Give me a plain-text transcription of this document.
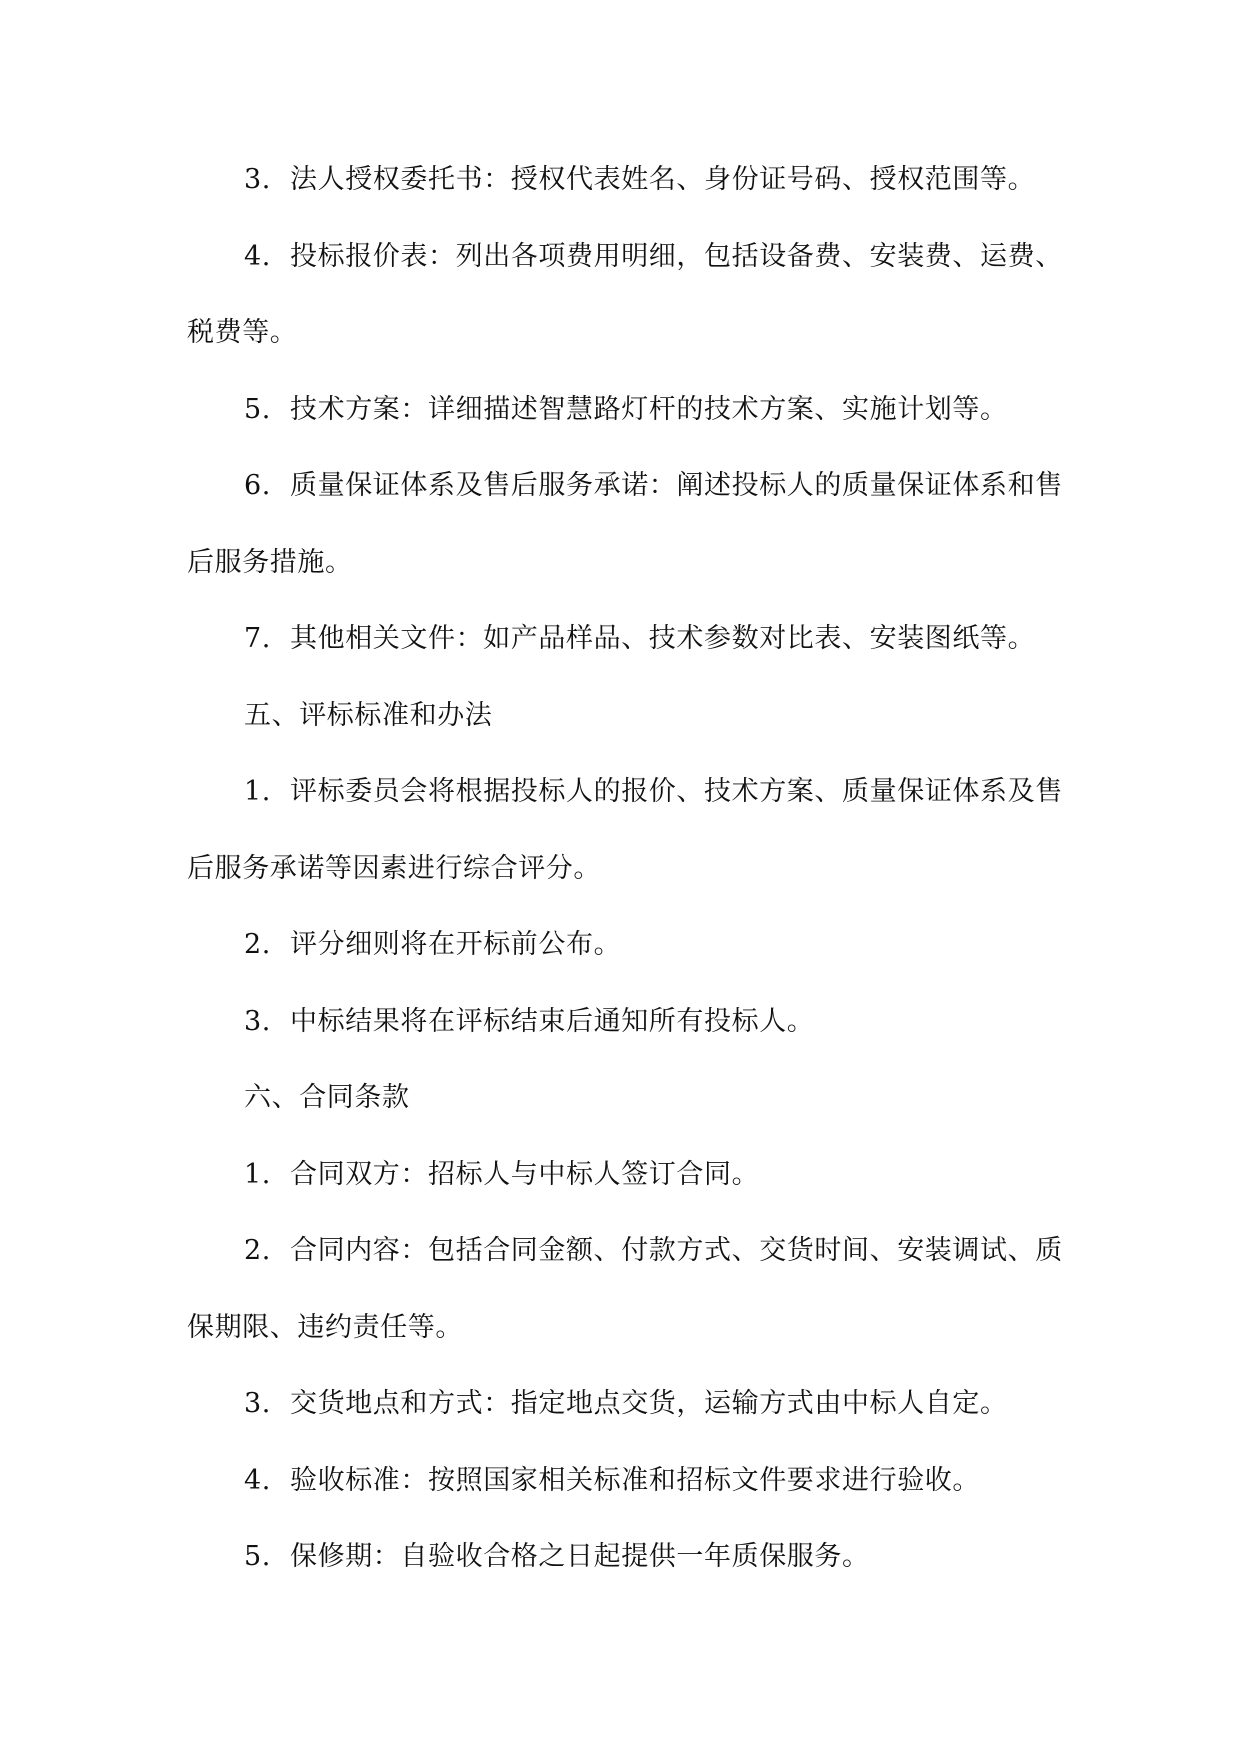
3. 法人授权委托书：授权代表姓名、身份证号码、授权范围等。

4. 投标报价表：列出各项费用明细，包括设备费、安装费、运费、税费等。

5. 技术方案：详细描述智慧路灯杆的技术方案、实施计划等。

6. 质量保证体系及售后服务承诺：阐述投标人的质量保证体系和售后服务措施。

7. 其他相关文件：如产品样品、技术参数对比表、安装图纸等。

五、评标标准和办法

1. 评标委员会将根据投标人的报价、技术方案、质量保证体系及售后服务承诺等因素进行综合评分。

2. 评分细则将在开标前公布。

3. 中标结果将在评标结束后通知所有投标人。

六、合同条款

1. 合同双方：招标人与中标人签订合同。

2. 合同内容：包括合同金额、付款方式、交货时间、安装调试、质保期限、违约责任等。

3. 交货地点和方式：指定地点交货，运输方式由中标人自定。

4. 验收标准：按照国家相关标准和招标文件要求进行验收。

5. 保修期：自验收合格之日起提供一年质保服务。
